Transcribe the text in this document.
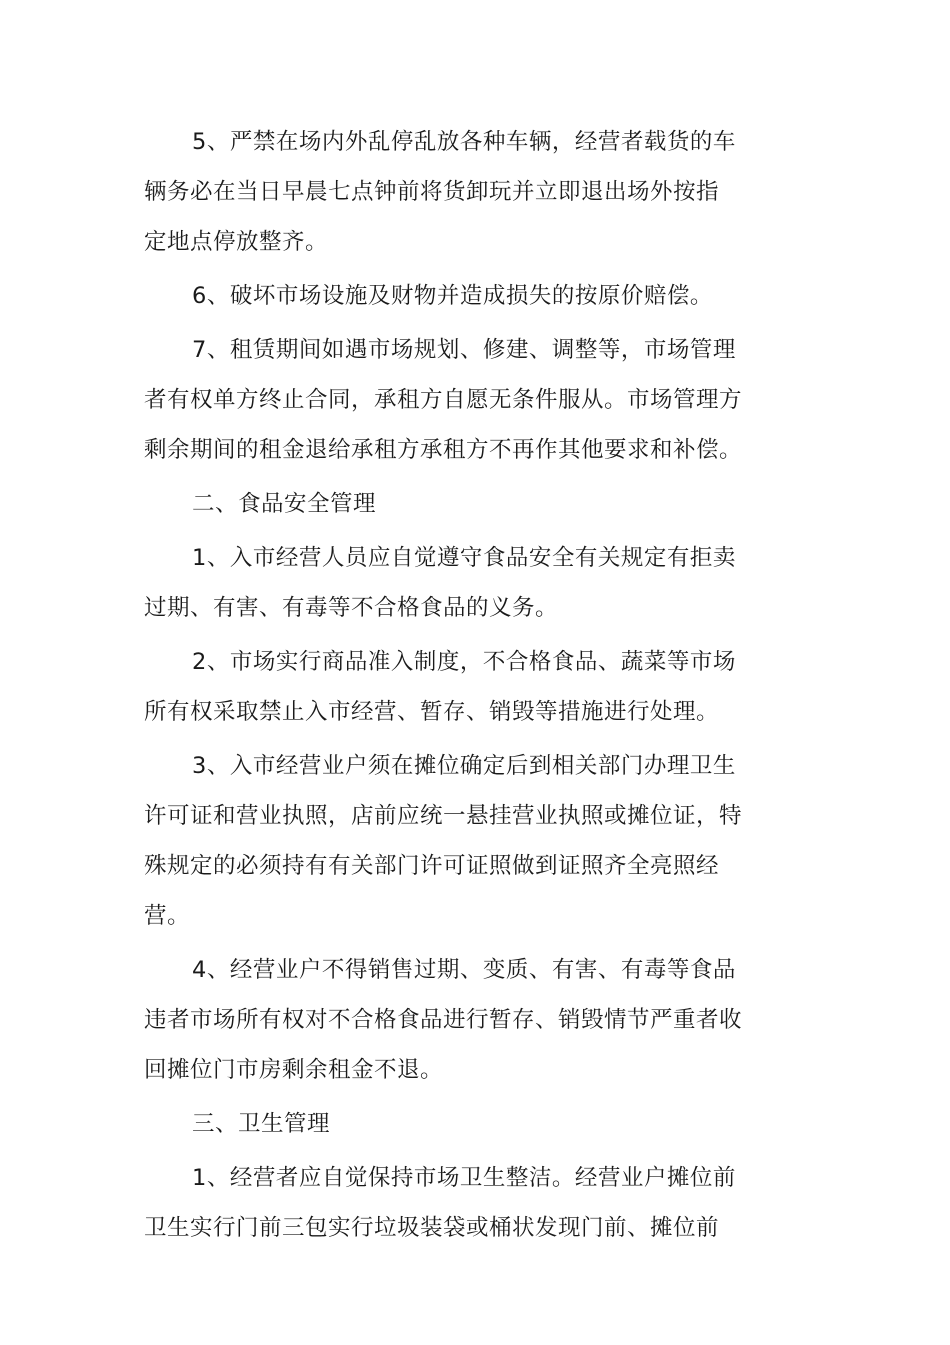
5、严禁在场内外乱停乱放各种车辆，经营者载货的车
辆务必在当日早晨七点钟前将货卸玩并立即退出场外按指
定地点停放整齐。

6、破坏市场设施及财物并造成损失的按原价赔偿。

7、租赁期间如遇市场规划、修建、调整等，市场管理
者有权单方终止合同，承租方自愿无条件服从。市场管理方
剩余期间的租金退给承租方承租方不再作其他要求和补偿。

二、食品安全管理

1、入市经营人员应自觉遵守食品安全有关规定有拒卖
过期、有害、有毒等不合格食品的义务。

2、市场实行商品准入制度，不合格食品、蔬菜等市场
所有权采取禁止入市经营、暂存、销毁等措施进行处理。

3、入市经营业户须在摊位确定后到相关部门办理卫生
许可证和营业执照，店前应统一悬挂营业执照或摊位证，特
殊规定的必须持有有关部门许可证照做到证照齐全亮照经
营。

4、经营业户不得销售过期、变质、有害、有毒等食品
违者市场所有权对不合格食品进行暂存、销毁情节严重者收
回摊位门市房剩余租金不退。

三、卫生管理

1、经营者应自觉保持市场卫生整洁。经营业户摊位前
卫生实行门前三包实行垃圾装袋或桶状发现门前、摊位前
